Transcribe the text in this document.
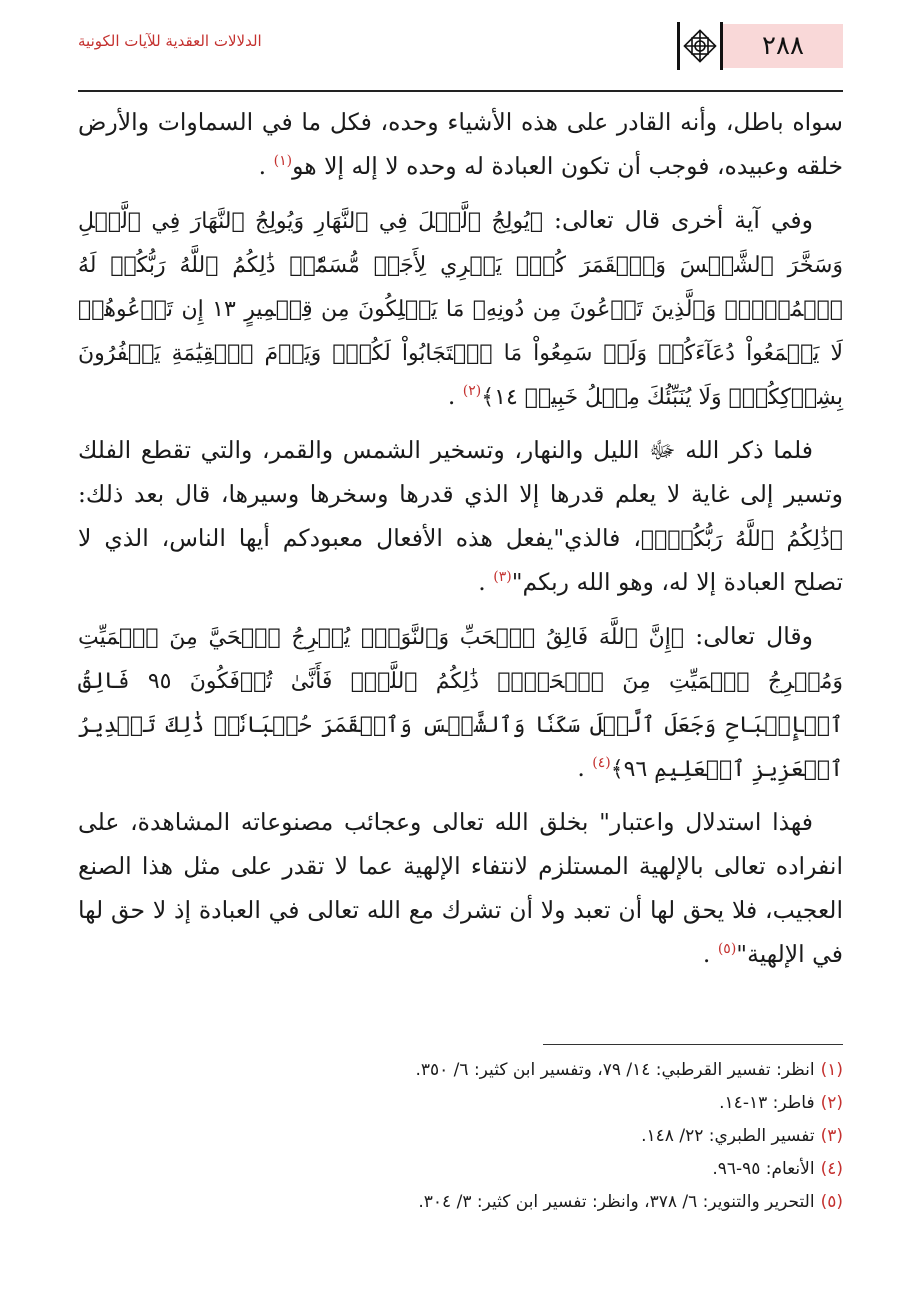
٢٨٨
الدلالات العقدية للآيات الكونية

سواه باطل، وأنه القادر على هذه الأشياء وحده، فكل ما في السماوات والأرض خلقه وعبيده، فوجب أن تكون العبادة له وحده لا إله إلا هو$^{(١)}$ .

وفي آية أخرى قال تعالى: ﴿يُولِجُ ٱلَّيۡلَ فِي ٱلنَّهَارِ وَيُولِجُ ٱلنَّهَارَ فِي ٱلَّيۡلِ وَسَخَّرَ ٱلشَّمۡسَ وَٱلۡقَمَرَ كُلّٞ يَجۡرِي لِأَجَلٖ مُّسَمّٗىۚ ذَٰلِكُمُ ٱللَّهُ رَبُّكُمۡ لَهُ ٱلۡمُلۡكُۚ وَٱلَّذِينَ تَدۡعُونَ مِن دُونِهِۦ مَا يَمۡلِكُونَ مِن قِطۡمِيرٍ ١٣ إِن تَدۡعُوهُمۡ لَا يَسۡمَعُواْ دُعَآءَكُمۡ وَلَوۡ سَمِعُواْ مَا ٱسۡتَجَابُواْ لَكُمۡۖ وَيَوۡمَ ٱلۡقِيَٰمَةِ يَكۡفُرُونَ بِشِرۡكِكُمۡۚ وَلَا يُنَبِّئُكَ مِثۡلُ خَبِيرٖ ١٤﴾$^{(٢)}$ .

فلما ذكر الله ﷻ الليل والنهار، وتسخير الشمس والقمر، والتي تقطع الفلك وتسير إلى غاية لا يعلم قدرها إلا الذي قدرها وسخرها وسيرها، قال بعد ذلك: ﴿ذَٰلِكُمُ ٱللَّهُ رَبُّكُمۡۖ﴾، فالذي"يفعل هذه الأفعال معبودكم أيها الناس، الذي لا تصلح العبادة إلا له، وهو الله ربكم"$^{(٣)}$ .

وقال تعالى: ﴿إِنَّ ٱللَّهَ فَالِقُ ٱلۡحَبِّ وَٱلنَّوَىٰۖ يُخۡرِجُ ٱلۡحَيَّ مِنَ ٱلۡمَيِّتِ وَمُخۡرِجُ ٱلۡمَيِّتِ مِنَ ٱلۡحَيِّۚ ذَٰلِكُمُ ٱللَّهُۖ فَأَنَّىٰ تُؤۡفَكُونَ ٩٥ فَالِقُ ٱلۡإِصۡبَاحِ وَجَعَلَ ٱلَّيۡلَ سَكَنٗا وَٱلشَّمۡسَ وَٱلۡقَمَرَ حُسۡبَانٗاۚ ذَٰلِكَ تَقۡدِيرُ ٱلۡعَزِيزِ ٱلۡعَلِيمِ ٩٦﴾$^{(٤)}$ .

فهذا استدلال واعتبار" بخلق الله تعالى وعجائب مصنوعاته المشاهدة، على انفراده تعالى بالإلهية المستلزم لانتفاء الإلهية عما لا تقدر على مثل هذا الصنع العجيب، فلا يحق لها أن تعبد ولا أن تشرك مع الله تعالى في العبادة إذ لا حق لها في الإلهية"$^{(٥)}$ .

(١)انظر: تفسير القرطبي: ١٤/ ٧٩، وتفسير ابن كثير: ٦/ ٣٥٠.
(٢)فاطر: ١٣-١٤.
(٣)تفسير الطبري: ٢٢/ ١٤٨.
(٤)الأنعام: ٩٥-٩٦.
(٥)التحرير والتنوير: ٦/ ٣٧٨، وانظر: تفسير ابن كثير: ٣/ ٣٠٤.
